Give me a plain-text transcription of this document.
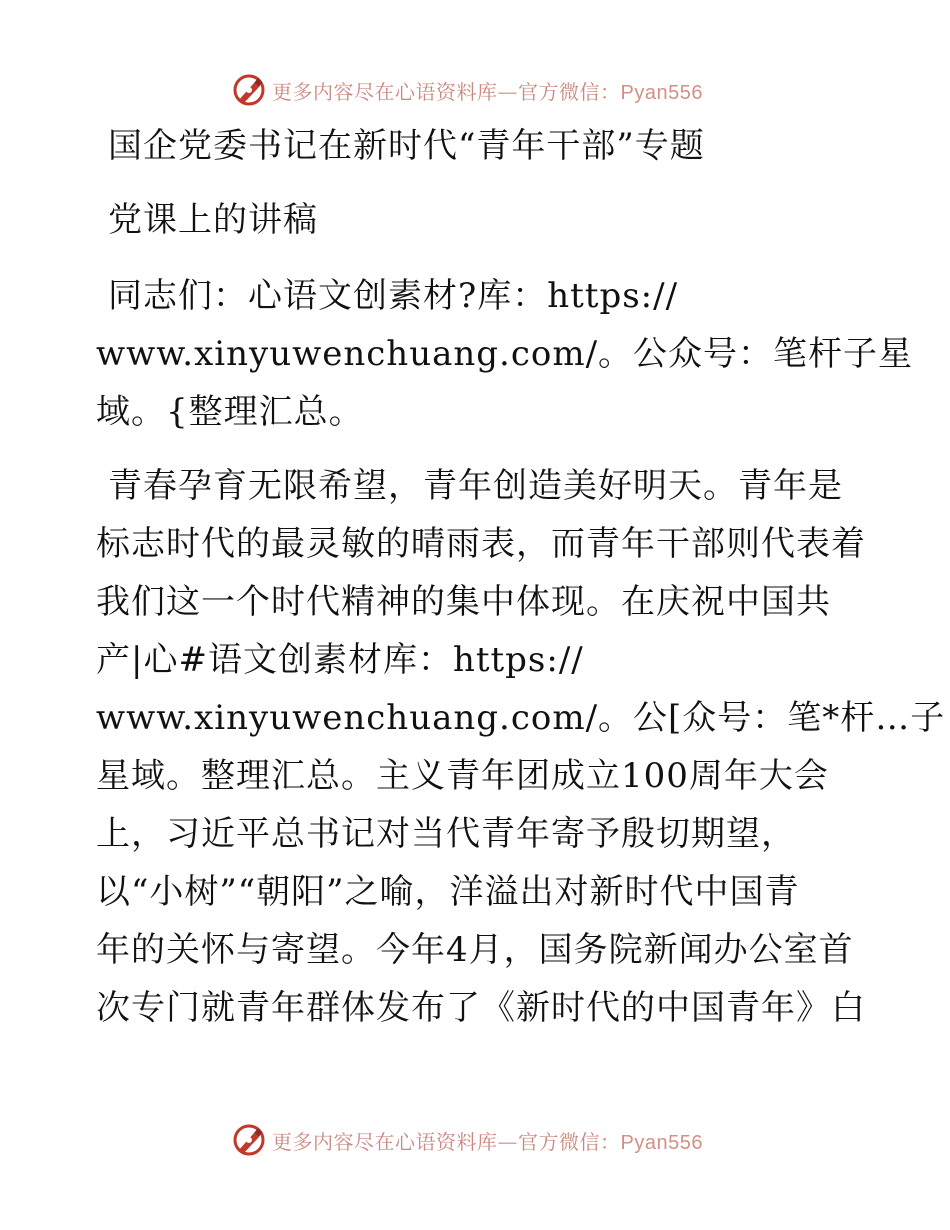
更多内容尽在心语资料库—官方微信：Pyan556
国企党委书记在新时代“青年干部”专题
党课上的讲稿
同志们：心语文创素材?库：https://
www.xinyuwenchuang.com/。公众号：笔杆子星
域。{整理汇总。
青春孕育无限希望，青年创造美好明天。青年是
标志时代的最灵敏的晴雨表，而青年干部则代表着
我们这一个时代精神的集中体现。在庆祝中国共
产|心#语文创素材库：https://
www.xinyuwenchuang.com/。公[众号：笔*杆…子
星域。整理汇总。主义青年团成立100周年大会
上，习近平总书记对当代青年寄予殷切期望，
以“小树”“朝阳”之喻，洋溢出对新时代中国青
年的关怀与寄望。今年4月，国务院新闻办公室首
次专门就青年群体发布了《新时代的中国青年》白
更多内容尽在心语资料库—官方微信：Pyan556
